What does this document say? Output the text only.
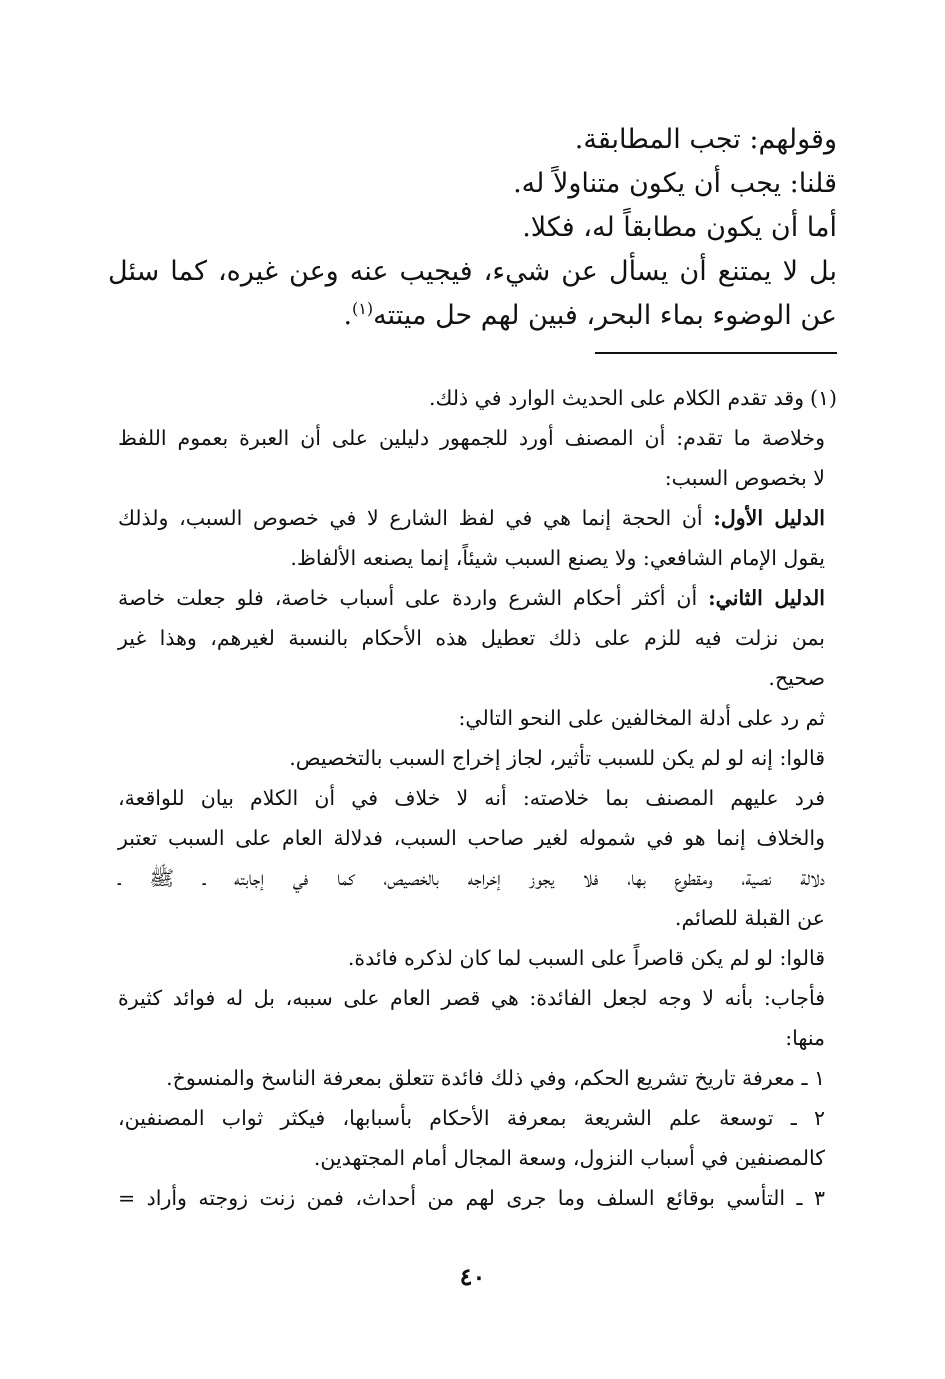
وقولهم: تجب المطابقة.
قلنا: يجب أن يكون متناولاً له.
أما أن يكون مطابقاً له، فكلا.
بل لا يمتنع أن يسأل عن شيء، فيجيب عنه وعن غيره، كما سئل
عن الوضوء بماء البحر، فبين لهم حل ميتته$^{(١)}$.
(١)وقد تقدم الكلام على الحديث الوارد في ذلك.
وخلاصة ما تقدم: أن المصنف أورد للجمهور دليلين على أن العبرة بعموم اللفظ
لا بخصوص السبب:
الدليل الأول: أن الحجة إنما هي في لفظ الشارع لا في خصوص السبب، ولذلك
يقول الإمام الشافعي: ولا يصنع السبب شيئاً، إنما يصنعه الألفاظ.
الدليل الثاني: أن أكثر أحكام الشرع واردة على أسباب خاصة، فلو جعلت خاصة
بمن نزلت فيه للزم على ذلك تعطيل هذه الأحكام بالنسبة لغيرهم، وهذا غير
صحيح.
ثم رد على أدلة المخالفين على النحو التالي:
قالوا: إنه لو لم يكن للسبب تأثير، لجاز إخراج السبب بالتخصيص.
فرد عليهم المصنف بما خلاصته: أنه لا خلاف في أن الكلام بيان للواقعة،
والخلاف إنما هو في شموله لغير صاحب السبب، فدلالة العام على السبب تعتبر
دلالة نصية، ومقطوع بها، فلا يجوز إخراجه بالخصيص، كما في إجابته ـ ﷺ ـ
عن القبلة للصائم.
قالوا: لو لم يكن قاصراً على السبب لما كان لذكره فائدة.
فأجاب: بأنه لا وجه لجعل الفائدة: هي قصر العام على سببه، بل له فوائد كثيرة
منها:
١ ـ معرفة تاريخ تشريع الحكم، وفي ذلك فائدة تتعلق بمعرفة الناسخ والمنسوخ.
٢ ـ توسعة علم الشريعة بمعرفة الأحكام بأسبابها، فيكثر ثواب المصنفين،
كالمصنفين في أسباب النزول، وسعة المجال أمام المجتهدين.
٣ ـ التأسي بوقائع السلف وما جرى لهم من أحداث، فمن زنت زوجته وأراد =
٤٠
